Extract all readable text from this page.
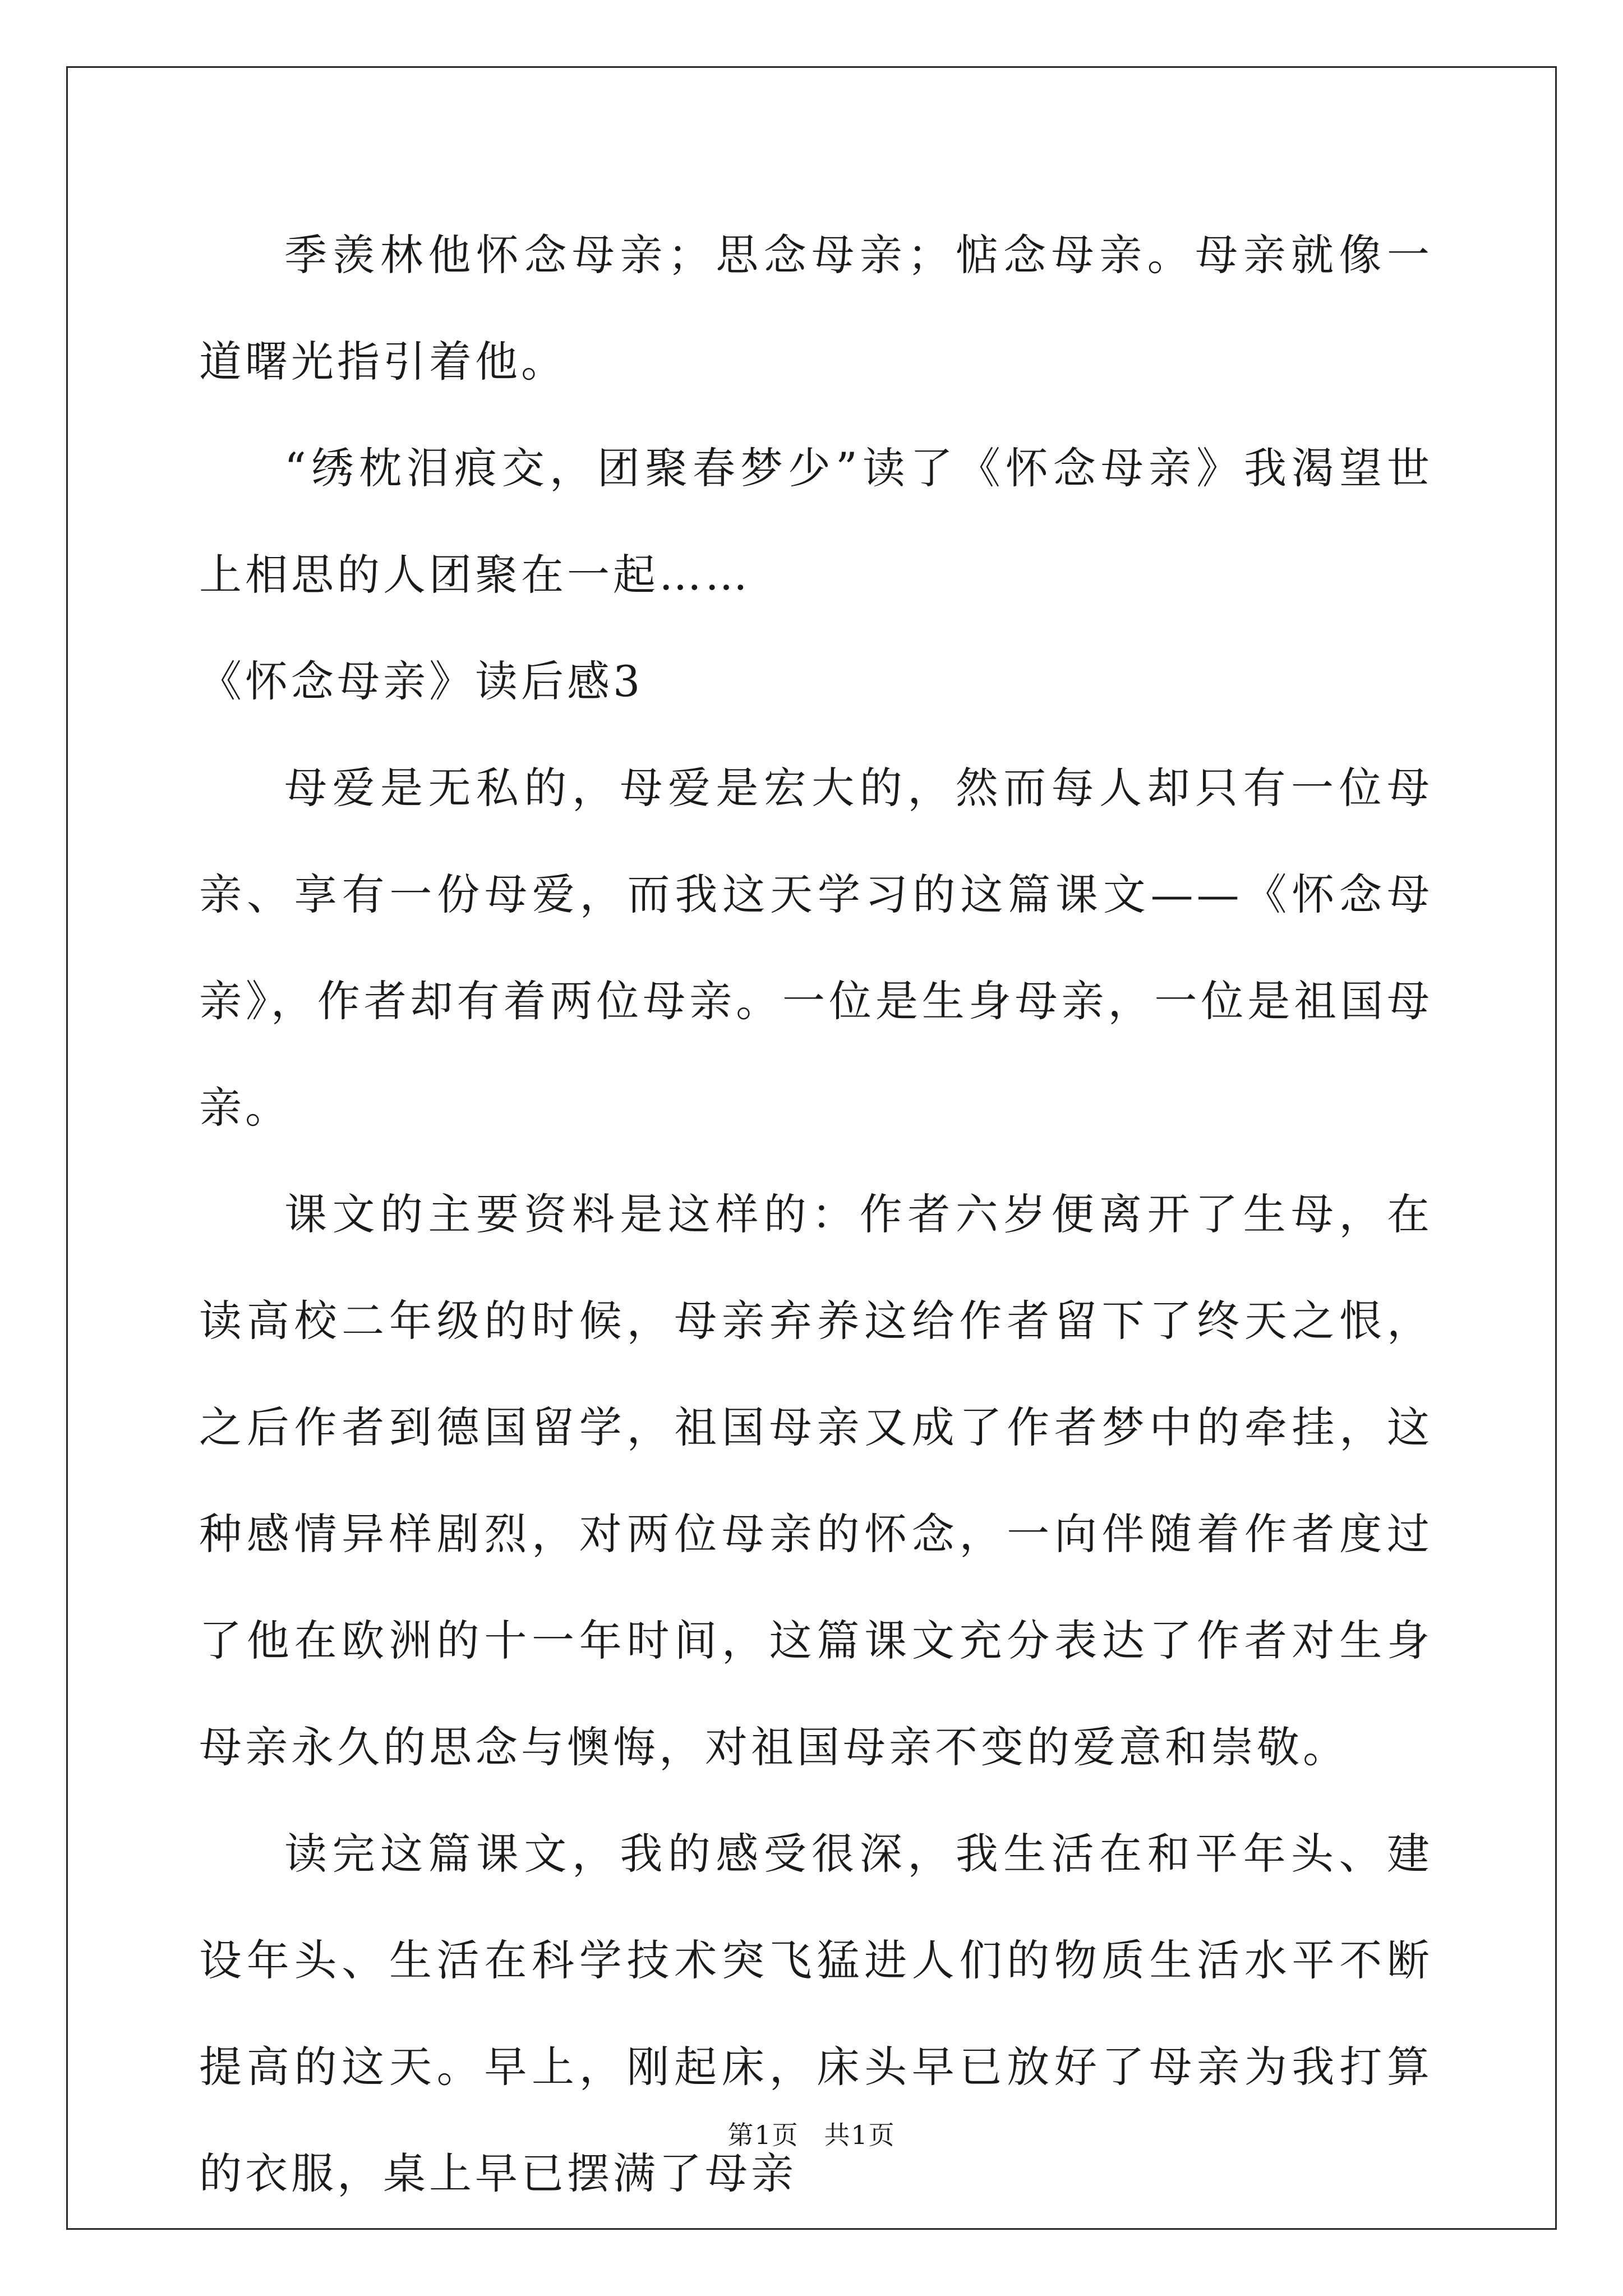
季羡林他怀念母亲；思念母亲；惦念母亲。母亲就像一道曙光指引着他。

“绣枕泪痕交，团聚春梦少”读了《怀念母亲》我渴望世上相思的人团聚在一起……

《怀念母亲》读后感3

母爱是无私的，母爱是宏大的，然而每人却只有一位母亲、享有一份母爱，而我这天学习的这篇课文——《怀念母亲》，作者却有着两位母亲。一位是生身母亲，一位是祖国母亲。

课文的主要资料是这样的：作者六岁便离开了生母，在读高校二年级的时候，母亲弃养这给作者留下了终天之恨，之后作者到德国留学，祖国母亲又成了作者梦中的牵挂，这种感情异样剧烈，对两位母亲的怀念，一向伴随着作者度过了他在欧洲的十一年时间，这篇课文充分表达了作者对生身母亲永久的思念与懊悔，对祖国母亲不变的爱意和崇敬。

读完这篇课文，我的感受很深，我生活在和平年头、建设年头、生活在科学技术突飞猛进人们的物质生活水平不断提高的这天。早上，刚起床，床头早已放好了母亲为我打算的衣服，桌上早已摆满了母亲

第1页 共1页
